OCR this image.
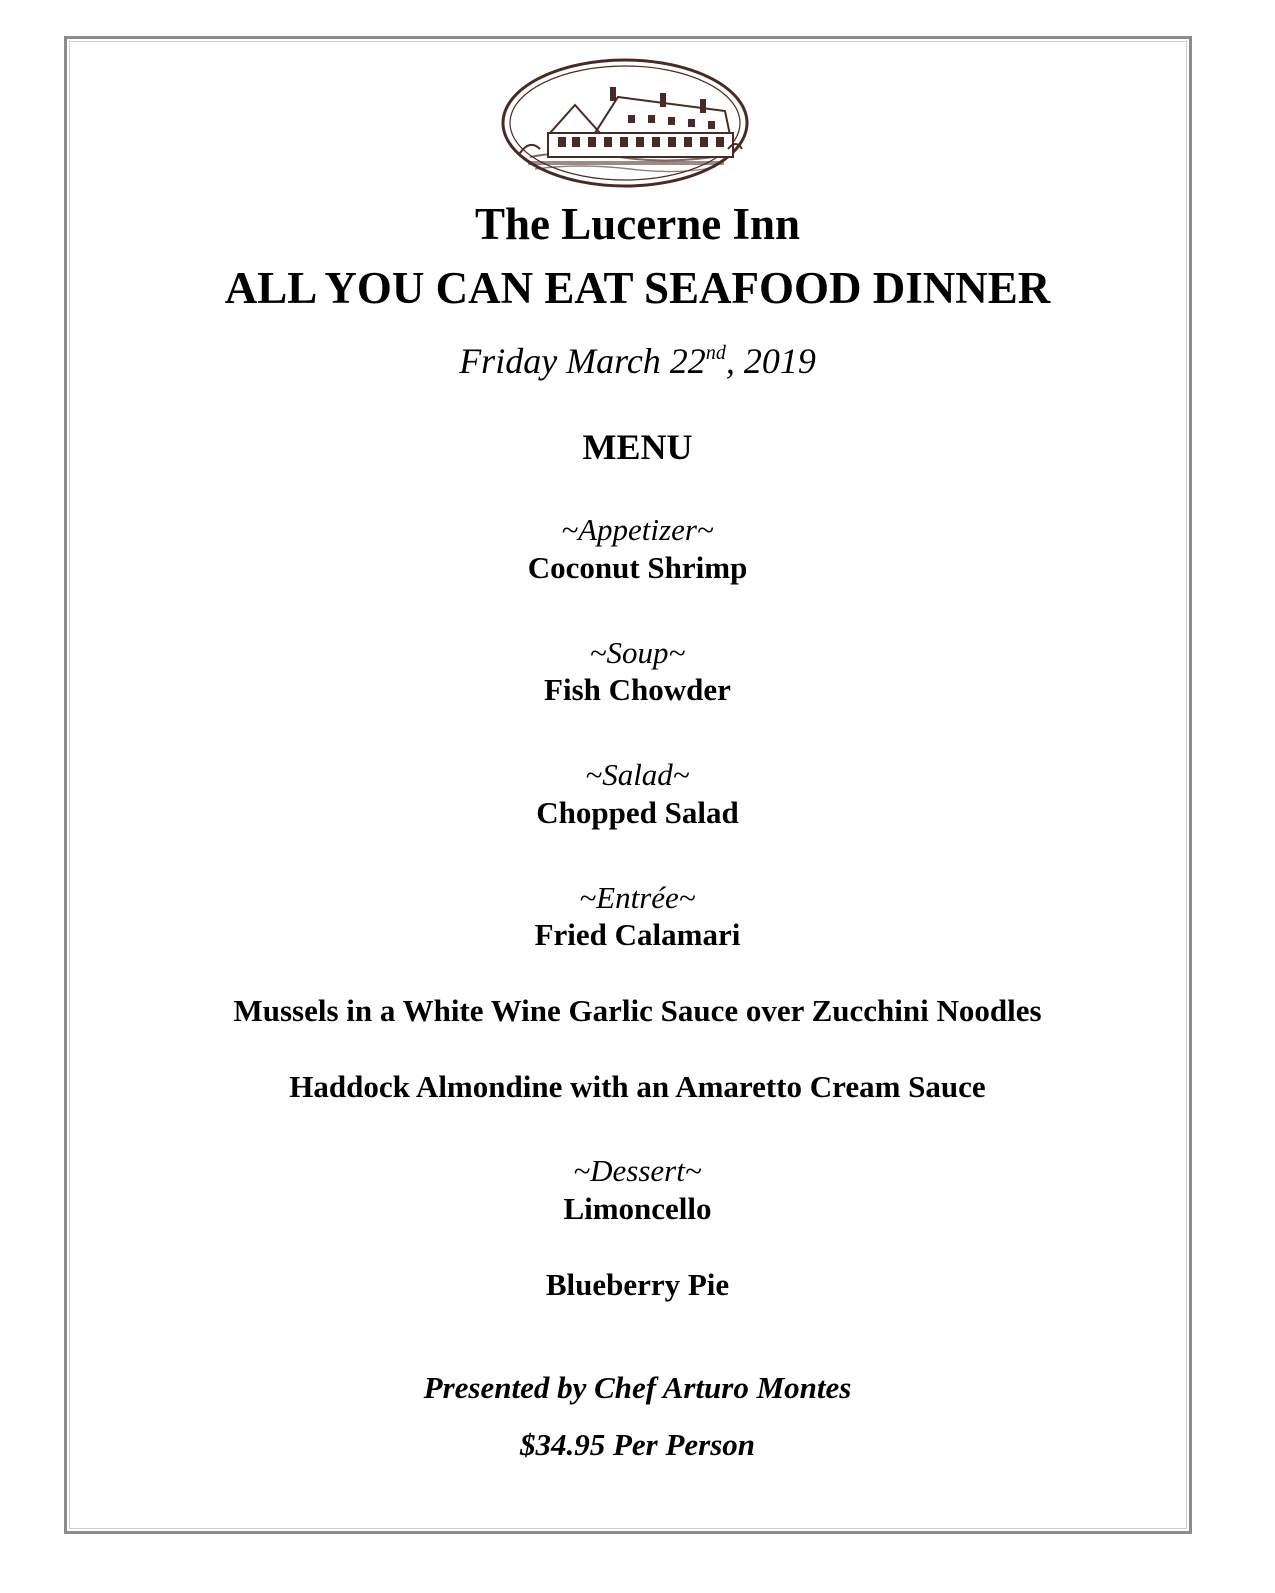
The Lucerne Inn

ALL YOU CAN EAT SEAFOOD DINNER

Friday March 22nd, 2019

MENU

~Appetizer~

Coconut Shrimp

~Soup~

Fish Chowder

~Salad~

Chopped Salad

~Entrée~

Fried Calamari

Mussels in a White Wine Garlic Sauce over Zucchini Noodles

Haddock Almondine with an Amaretto Cream Sauce

~Dessert~

Limoncello

Blueberry Pie

Presented by Chef Arturo Montes

$34.95 Per Person
